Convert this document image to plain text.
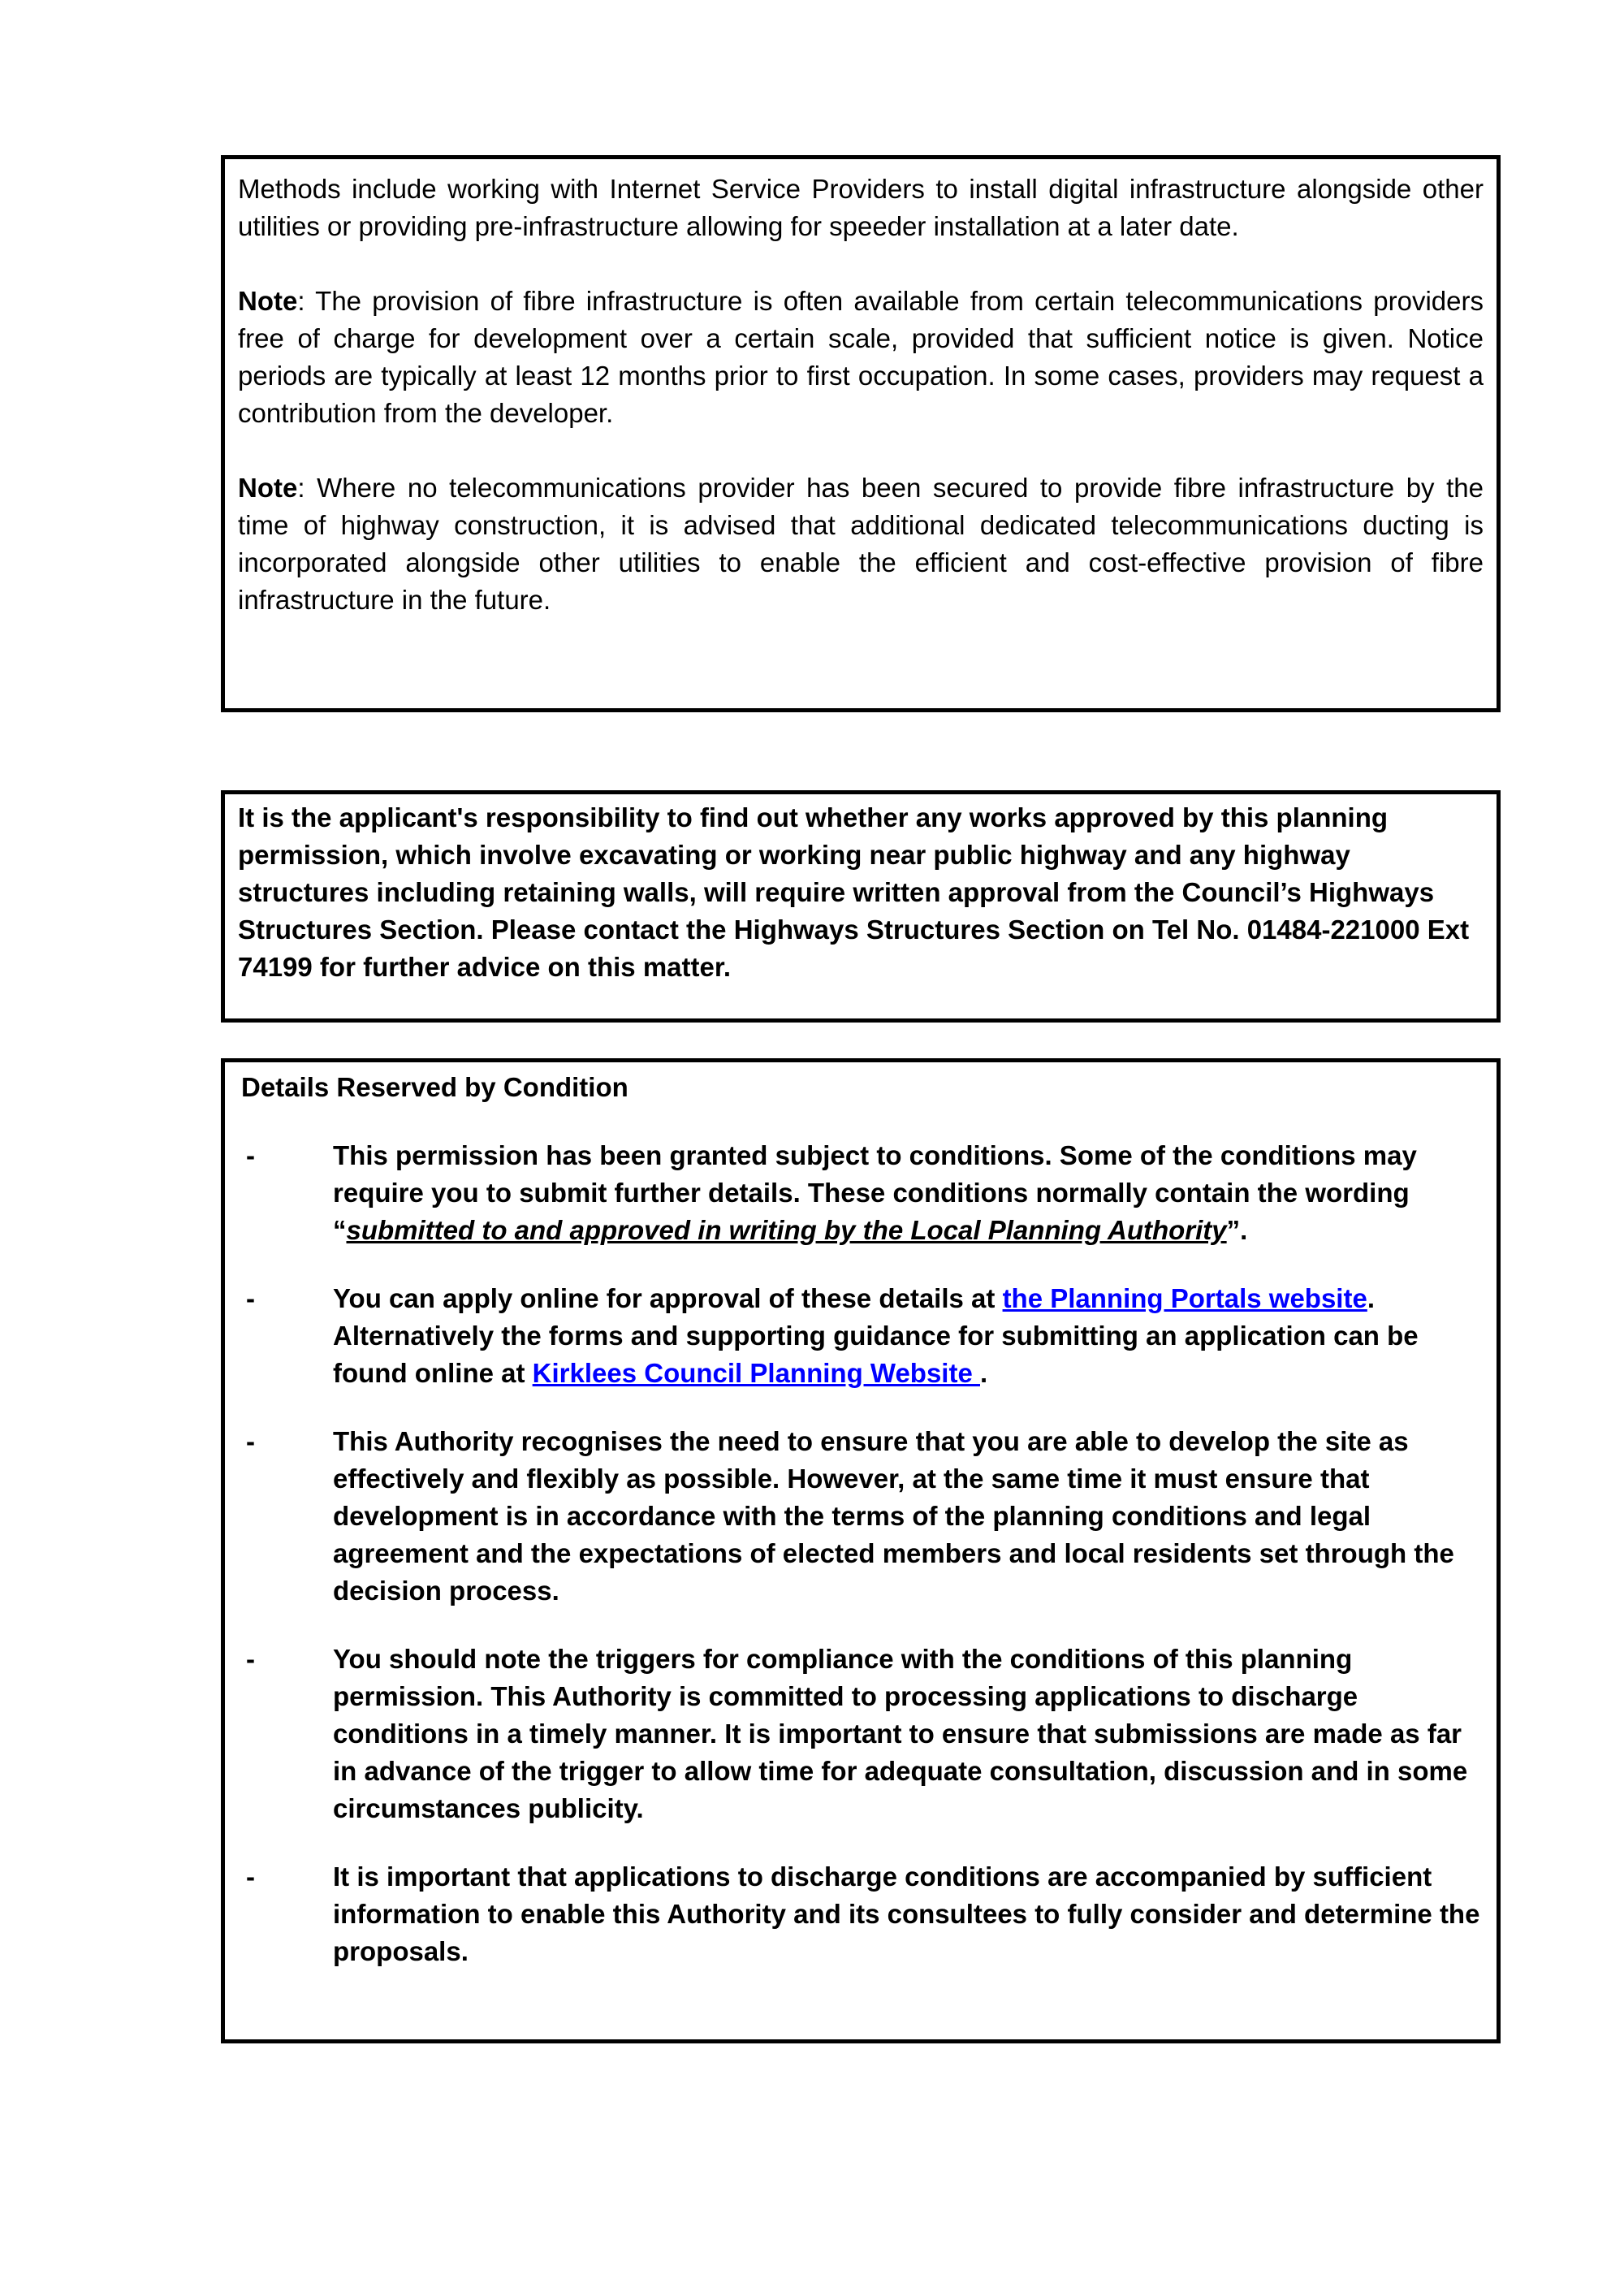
Methods include working with Internet Service Providers to install digital infrastructure alongside other utilities or providing pre-infrastructure allowing for speeder installation at a later date.

Note: The provision of fibre infrastructure is often available from certain telecommunications providers free of charge for development over a certain scale, provided that sufficient notice is given. Notice periods are typically at least 12 months prior to first occupation. In some cases, providers may request a contribution from the developer.

Note: Where no telecommunications provider has been secured to provide fibre infrastructure by the time of highway construction, it is advised that additional dedicated telecommunications ducting is incorporated alongside other utilities to enable the efficient and cost-effective provision of fibre infrastructure in the future.

It is the applicant's responsibility to find out whether any works approved by this planning permission, which involve excavating or working near public highway and any highway structures including retaining walls, will require written approval from the Council’s Highways Structures Section. Please contact the Highways Structures Section on Tel No. 01484-221000 Ext 74199 for further advice on this matter.

Details Reserved by Condition

-	This permission has been granted subject to conditions. Some of the conditions may require you to submit further details. These conditions normally contain the wording “submitted to and approved in writing by the Local Planning Authority”.
-	You can apply online for approval of these details at the Planning Portals website. Alternatively the forms and supporting guidance for submitting an application can be found online at Kirklees Council Planning Website .
-	This Authority recognises the need to ensure that you are able to develop the site as effectively and flexibly as possible. However, at the same time it must ensure that development is in accordance with the terms of the planning conditions and legal agreement and the expectations of elected members and local residents set through the decision process.
-	You should note the triggers for compliance with the conditions of this planning permission. This Authority is committed to processing applications to discharge conditions in a timely manner. It is important to ensure that submissions are made as far in advance of the trigger to allow time for adequate consultation, discussion and in some circumstances publicity.
-	It is important that applications to discharge conditions are accompanied by sufficient information to enable this Authority and its consultees to fully consider and determine the proposals.
